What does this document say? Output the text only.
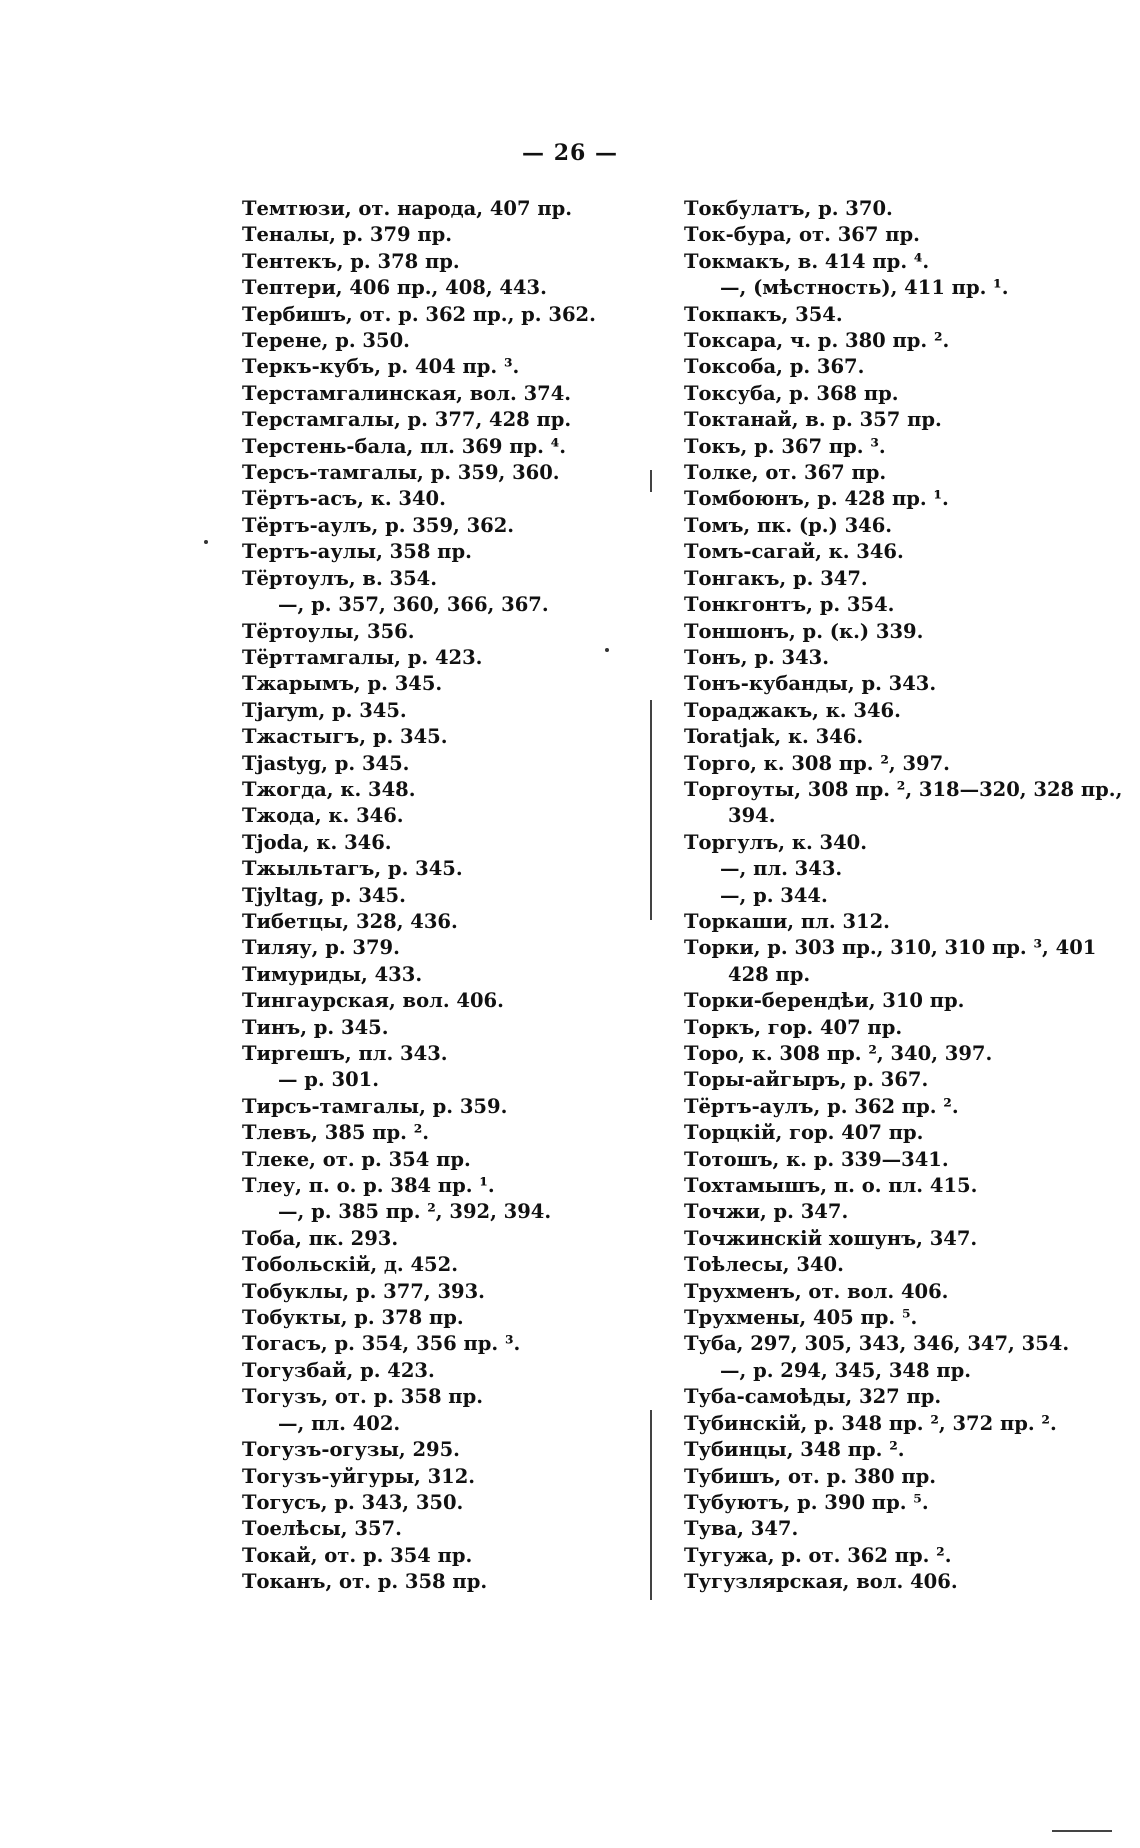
— 26 —
Темтюзи, от. народа, 407 пр.
Теналы, р. 379 пр.
Тентекъ, р. 378 пр.
Тептери, 406 пр., 408, 443.
Тербишъ, от. р. 362 пр., р. 362.
Терене, р. 350.
Теркъ-кубъ, р. 404 пр. ³.
Терстамгалинская, вол. 374.
Терстамгалы, р. 377, 428 пр.
Терстень-бала, пл. 369 пр. ⁴.
Терсъ-тамгалы, р. 359, 360.
Тёртъ-асъ, к. 340.
Тёртъ-аулъ, р. 359, 362.
Тертъ-аулы, 358 пр.
Тёртоулъ, в. 354.
—, р. 357, 360, 366, 367.
Тёртоулы, 356.
Тёрттамгалы, р. 423.
Тжарымъ, р. 345.
Tjarym, р. 345.
Тжастыгъ, р. 345.
Tjastyg, р. 345.
Тжогда, к. 348.
Тжода, к. 346.
Tjoda, к. 346.
Тжыльтагъ, р. 345.
Tjyltag, р. 345.
Тибетцы, 328, 436.
Тиляу, р. 379.
Тимуриды, 433.
Тингаурская, вол. 406.
Тинъ, р. 345.
Тиргешъ, пл. 343.
— р. 301.
Тирсъ-тамгалы, р. 359.
Тлевъ, 385 пр. ².
Тлеке, от. р. 354 пр.
Тлеу, п. о. р. 384 пр. ¹.
—, р. 385 пр. ², 392, 394.
Тоба, пк. 293.
Тобольскій, д. 452.
Тобуклы, р. 377, 393.
Тобукты, р. 378 пр.
Тогасъ, р. 354, 356 пр. ³.
Тогузбай, р. 423.
Тогузъ, от. р. 358 пр.
—, пл. 402.
Тогузъ-огузы, 295.
Тогузъ-уйгуры, 312.
Тогусъ, р. 343, 350.
Тоелѣсы, 357.
Токай, от. р. 354 пр.
Токанъ, от. р. 358 пр.
Токбулатъ, р. 370.
Ток-бура, от. 367 пр.
Токмакъ, в. 414 пр. ⁴.
—, (мѣстность), 411 пр. ¹.
Токпакъ, 354.
Токсара, ч. р. 380 пр. ².
Токсоба, р. 367.
Токсуба, р. 368 пр.
Токтанай, в. р. 357 пр.
Токъ, р. 367 пр. ³.
Толке, от. 367 пр.
Томбоюнъ, р. 428 пр. ¹.
Томъ, пк. (р.) 346.
Томъ-сагай, к. 346.
Тонгакъ, р. 347.
Тонкгонтъ, р. 354.
Тоншонъ, р. (к.) 339.
Тонъ, р. 343.
Тонъ-кубанды, р. 343.
Тораджакъ, к. 346.
Toratjak, к. 346.
Торго, к. 308 пр. ², 397.
Торгоуты, 308 пр. ², 318—320, 328 пр.,
394.
Торгулъ, к. 340.
—, пл. 343.
—, р. 344.
Торкаши, пл. 312.
Торки, р. 303 пр., 310, 310 пр. ³, 401
428 пр.
Торки-берендѣи, 310 пр.
Торкъ, гор. 407 пр.
Торо, к. 308 пр. ², 340, 397.
Торы-айгыръ, р. 367.
Тёртъ-аулъ, р. 362 пр. ².
Торцкій, гор. 407 пр.
Тотошъ, к. р. 339—341.
Тохтамышъ, п. о. пл. 415.
Точжи, р. 347.
Точжинскій хошунъ, 347.
Тоѣлесы, 340.
Трухменъ, от. вол. 406.
Трухмены, 405 пр. ⁵.
Туба, 297, 305, 343, 346, 347, 354.
—, р. 294, 345, 348 пр.
Туба-самоѣды, 327 пр.
Тубинскій, р. 348 пр. ², 372 пр. ².
Тубинцы, 348 пр. ².
Тубишъ, от. р. 380 пр.
Тубуютъ, р. 390 пр. ⁵.
Тува, 347.
Тугужа, р. от. 362 пр. ².
Тугузлярская, вол. 406.
